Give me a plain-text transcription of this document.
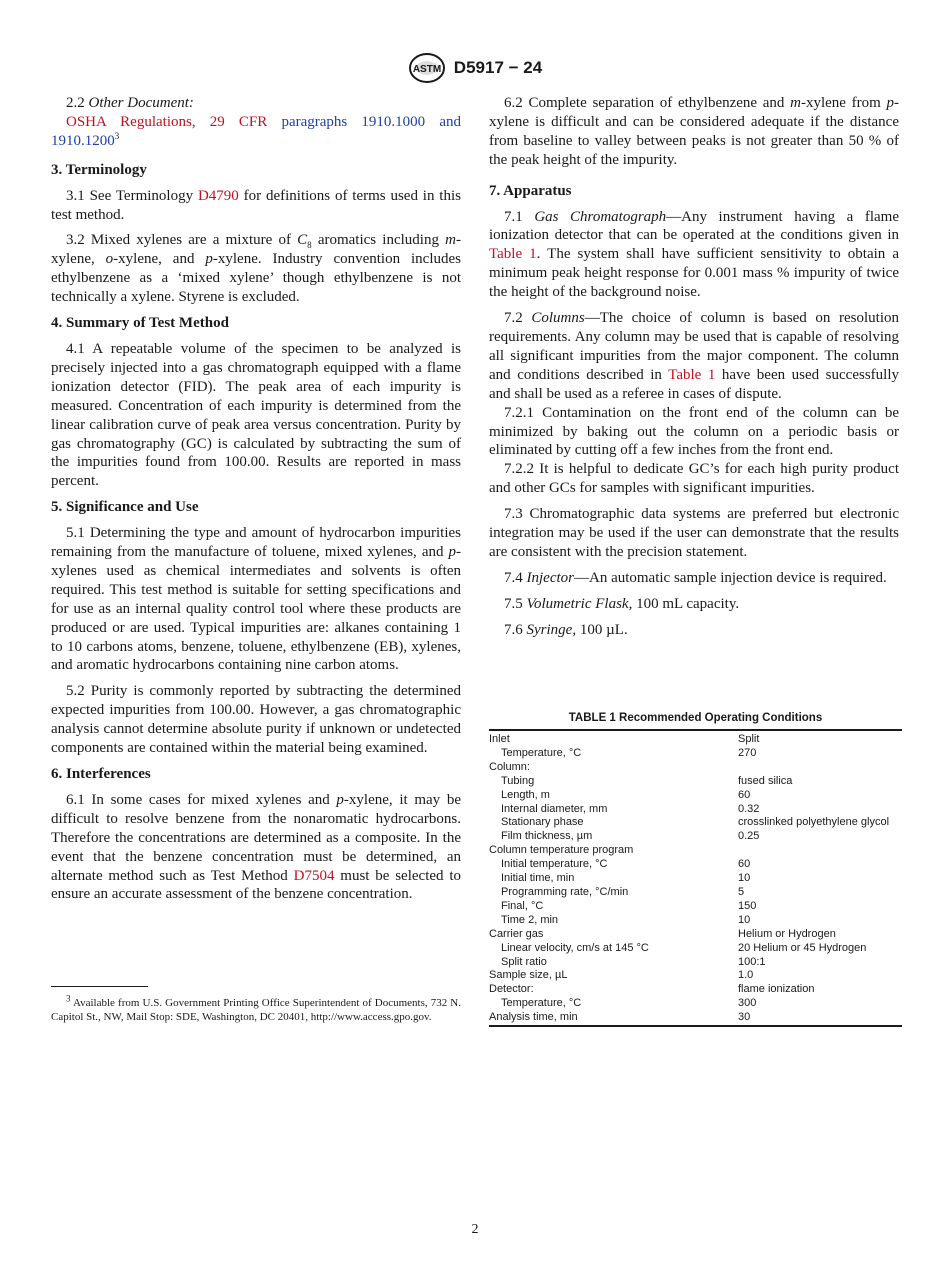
ASTM D5917 − 24

2.2 Other Document:

OSHA Regulations, 29 CFR paragraphs 1910.1000 and 1910.1200$^3$

3. Terminology

3.1 See Terminology D4790 for definitions of terms used in this test method.

3.2 Mixed xylenes are a mixture of $C_8$ aromatics including m-xylene, o-xylene, and p-xylene. Industry convention includes ethylbenzene as a ‘mixed xylene’ though ethylbenzene is not technically a xylene. Styrene is excluded.

4. Summary of Test Method

4.1 A repeatable volume of the specimen to be analyzed is precisely injected into a gas chromatograph equipped with a flame ionization detector (FID). The peak area of each impurity is measured. Concentration of each impurity is determined from the linear calibration curve of peak area versus concentration. Purity by gas chromatography (GC) is calculated by subtracting the sum of the impurities found from 100.00. Results are reported in mass percent.

5. Significance and Use

5.1 Determining the type and amount of hydrocarbon impurities remaining from the manufacture of toluene, mixed xylenes, and p-xylenes used as chemical intermediates and solvents is often required. This test method is suitable for setting specifications and for use as an internal quality control tool where these products are produced or are used. Typical impurities are: alkanes containing 1 to 10 carbons atoms, benzene, toluene, ethylbenzene (EB), xylenes, and aromatic hydrocarbons containing nine carbon atoms.

5.2 Purity is commonly reported by subtracting the determined expected impurities from 100.00. However, a gas chromatographic analysis cannot determine absolute purity if unknown or undetected components are contained within the material being examined.

6. Interferences

6.1 In some cases for mixed xylenes and p-xylene, it may be difficult to resolve benzene from the nonaromatic hydrocarbons. Therefore the concentrations are determined as a composite. In the event that the benzene concentration must be determined, an alternate method such as Test Method D7504 must be selected to ensure an accurate assessment of the benzene concentration.

$^3$ Available from U.S. Government Printing Office Superintendent of Documents, 732 N. Capitol St., NW, Mail Stop: SDE, Washington, DC 20401, http://www.access.gpo.gov.

6.2 Complete separation of ethylbenzene and m-xylene from p-xylene is difficult and can be considered adequate if the distance from baseline to valley between peaks is not greater than 50 % of the peak height of the impurity.

7. Apparatus

7.1 Gas Chromatograph—Any instrument having a flame ionization detector that can be operated at the conditions given in Table 1. The system shall have sufficient sensitivity to obtain a minimum peak height response for 0.001 mass % impurity of twice the height of the background noise.

7.2 Columns—The choice of column is based on resolution requirements. Any column may be used that is capable of resolving all significant impurities from the major component. The column and conditions described in Table 1 have been used successfully and shall be used as a referee in cases of dispute.

7.2.1 Contamination on the front end of the column can be minimized by baking out the column on a periodic basis or eliminated by cutting off a few inches from the front end.

7.2.2 It is helpful to dedicate GC’s for each high purity product and other GCs for samples with significant impurities.

7.3 Chromatographic data systems are preferred but electronic integration may be used if the user can demonstrate that the results are consistent with the precision statement.

7.4 Injector—An automatic sample injection device is required.

7.5 Volumetric Flask, 100 mL capacity.

7.6 Syringe, 100 µL.

TABLE 1 Recommended Operating Conditions
Inlet	Split
Temperature, °C	270
Column:	
Tubing	fused silica
Length, m	60
Internal diameter, mm	0.32
Stationary phase	crosslinked polyethylene glycol
Film thickness, µm	0.25
Column temperature program	
Initial temperature, °C	60
Initial time, min	10
Programming rate, °C/min	5
Final, °C	150
Time 2, min	10
Carrier gas	Helium or Hydrogen
Linear velocity, cm/s at 145 °C	20 Helium or 45 Hydrogen
Split ratio	100:1
Sample size, µL	1.0
Detector:	flame ionization
Temperature, °C	300
Analysis time, min	30
2
